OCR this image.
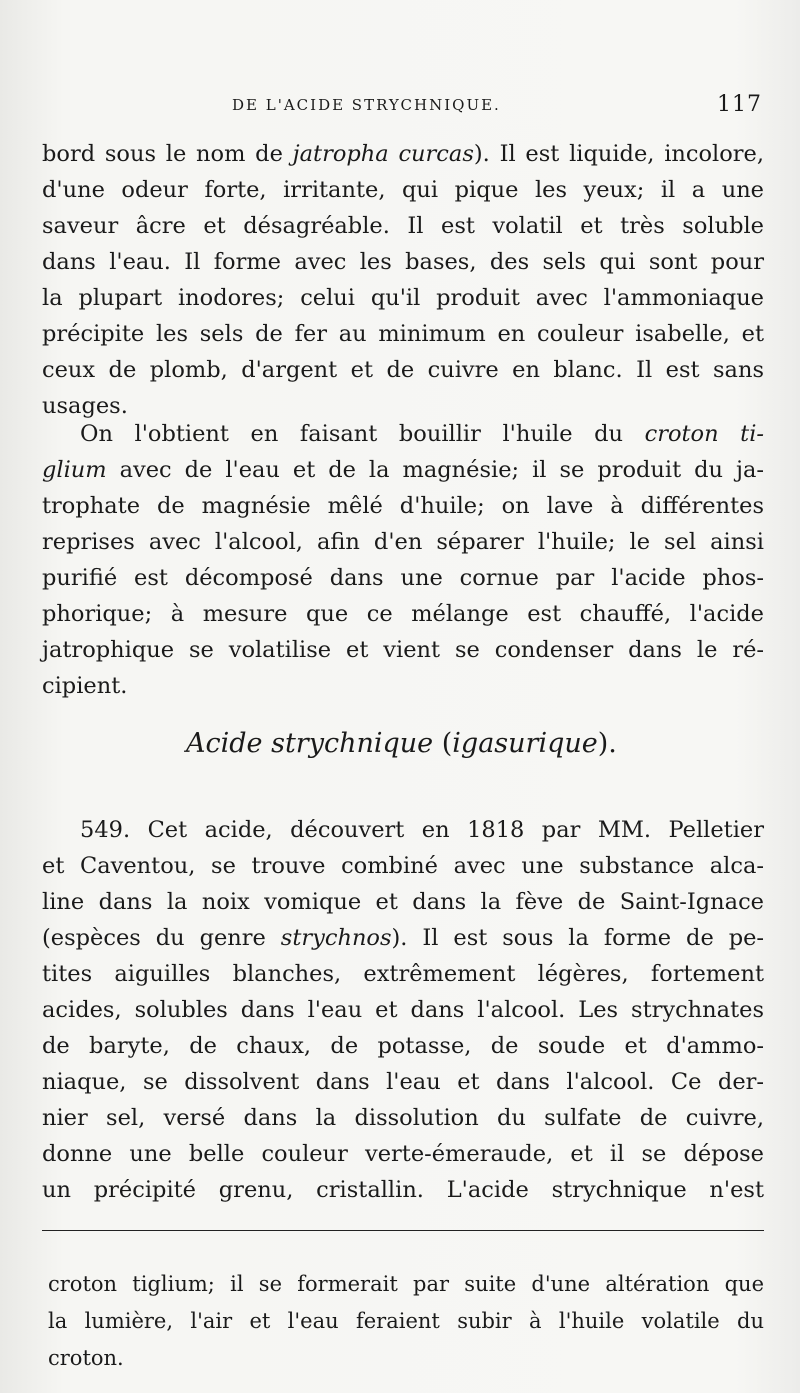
DE L'ACIDE STRYCHNIQUE.	117
bord sous le nom de jatropha curcas). Il est liquide, incolore,
d'une odeur forte, irritante, qui pique les yeux; il a une
saveur âcre et désagréable. Il est volatil et très soluble
dans l'eau. Il forme avec les bases, des sels qui sont pour
la plupart inodores; celui qu'il produit avec l'ammoniaque
précipite les sels de fer au minimum en couleur isabelle, et
ceux de plomb, d'argent et de cuivre en blanc. Il est sans
usages.
On l'obtient en faisant bouillir l'huile du croton ti-
glium avec de l'eau et de la magnésie; il se produit du ja-
trophate de magnésie mêlé d'huile; on lave à différentes
reprises avec l'alcool, afin d'en séparer l'huile; le sel ainsi
purifié est décomposé dans une cornue par l'acide phos-
phorique; à mesure que ce mélange est chauffé, l'acide
jatrophique se volatilise et vient se condenser dans le ré-
cipient.
Acide strychnique (igasurique).
549. Cet acide, découvert en 1818 par MM. Pelletier
et Caventou, se trouve combiné avec une substance alca-
line dans la noix vomique et dans la fève de Saint-Ignace
(espèces du genre strychnos). Il est sous la forme de pe-
tites aiguilles blanches, extrêmement légères, fortement
acides, solubles dans l'eau et dans l'alcool. Les strychnates
de baryte, de chaux, de potasse, de soude et d'ammo-
niaque, se dissolvent dans l'eau et dans l'alcool. Ce der-
nier sel, versé dans la dissolution du sulfate de cuivre,
donne une belle couleur verte-émeraude, et il se dépose
un précipité grenu, cristallin. L'acide strychnique n'est
croton tiglium; il se formerait par suite d'une altération que
la lumière, l'air et l'eau feraient subir à l'huile volatile du
croton.
